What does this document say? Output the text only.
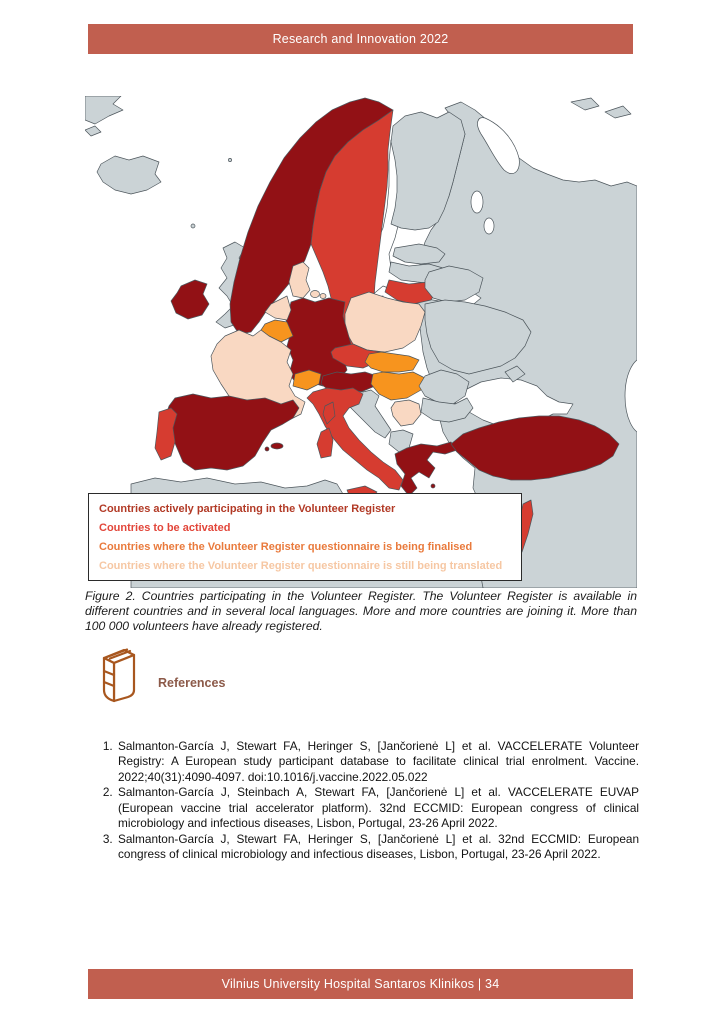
Research and Innovation 2022
Countries actively participating in the Volunteer Register
Countries to be activated
Countries where the Volunteer Register questionnaire is being finalised
Countries where the Volunteer Register questionnaire is still being translated
Figure 2. Countries participating in the Volunteer Register. The Volunteer Register is available in different countries and in several local languages. More and more countries are joining it. More than 100 000 volunteers have already registered.
References
1. Salmanton-García J, Stewart FA, Heringer S, [Jančorienė L] et al. VACCELERATE Volunteer Registry: A European study participant database to facilitate clinical trial enrolment. Vaccine. 2022;40(31):4090-4097. doi:10.1016/j.vaccine.2022.05.022
2. Salmanton-García J, Steinbach A, Stewart FA, [Jančorienė L] et al. VACCELERATE EUVAP (European vaccine trial accelerator platform). 32nd ECCMID: European congress of clinical microbiology and infectious diseases, Lisbon, Portugal, 23-26 April 2022.
3. Salmanton-García J, Stewart FA, Heringer S, [Jančorienė L] et al. 32nd ECCMID: European congress of clinical microbiology and infectious diseases, Lisbon, Portugal, 23-26 April 2022.
Vilnius University Hospital Santaros Klinikos | 34
